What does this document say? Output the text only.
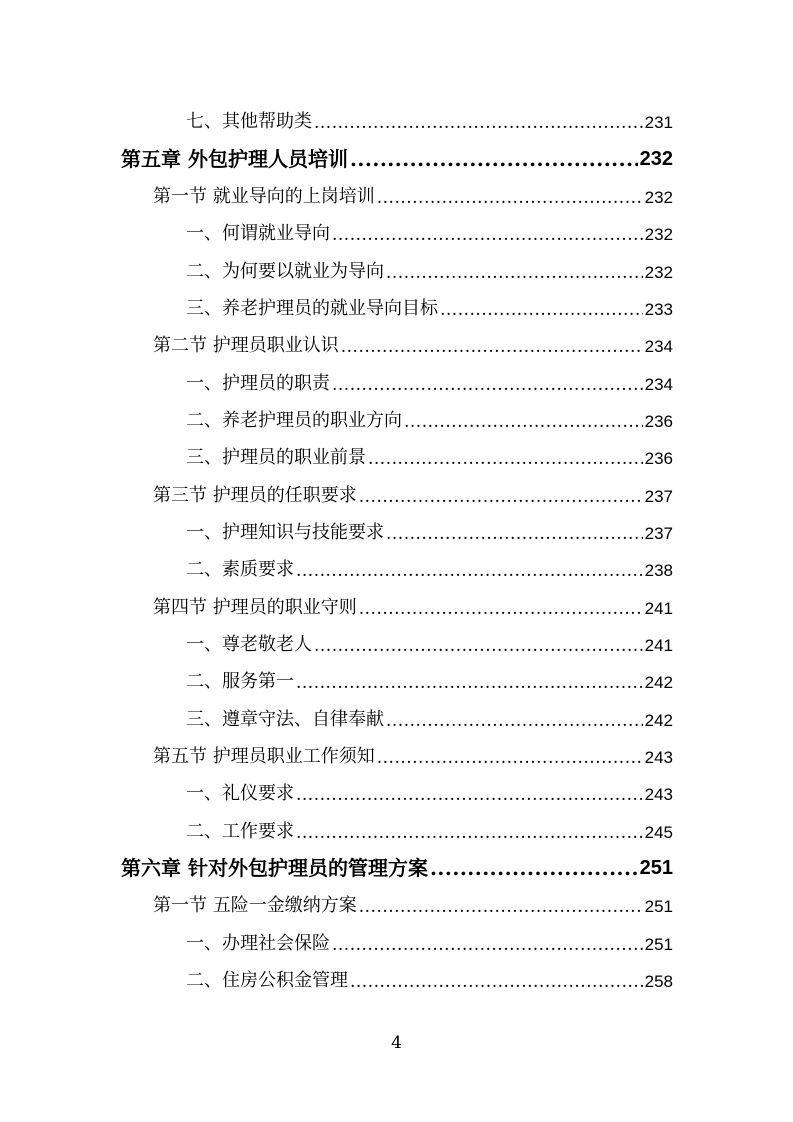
七、其他帮助类 .....	231
第五章 外包护理人员培训 .....	232
第一节 就业导向的上岗培训 .....	232
一、何谓就业导向 .....	232
二、为何要以就业为导向 .....	232
三、养老护理员的就业导向目标 .....	233
第二节 护理员职业认识 .....	234
一、护理员的职责 .....	234
二、养老护理员的职业方向 .....	236
三、护理员的职业前景 .....	236
第三节 护理员的任职要求 .....	237
一、护理知识与技能要求 .....	237
二、素质要求 .....	238
第四节 护理员的职业守则 .....	241
一、尊老敬老人 .....	241
二、服务第一 .....	242
三、遵章守法、自律奉献 .....	242
第五节 护理员职业工作须知 .....	243
一、礼仪要求 .....	243
二、工作要求 .....	245
第六章 针对外包护理员的管理方案 .....	251
第一节 五险一金缴纳方案 .....	251
一、办理社会保险 .....	251
二、住房公积金管理 .....	258
4
